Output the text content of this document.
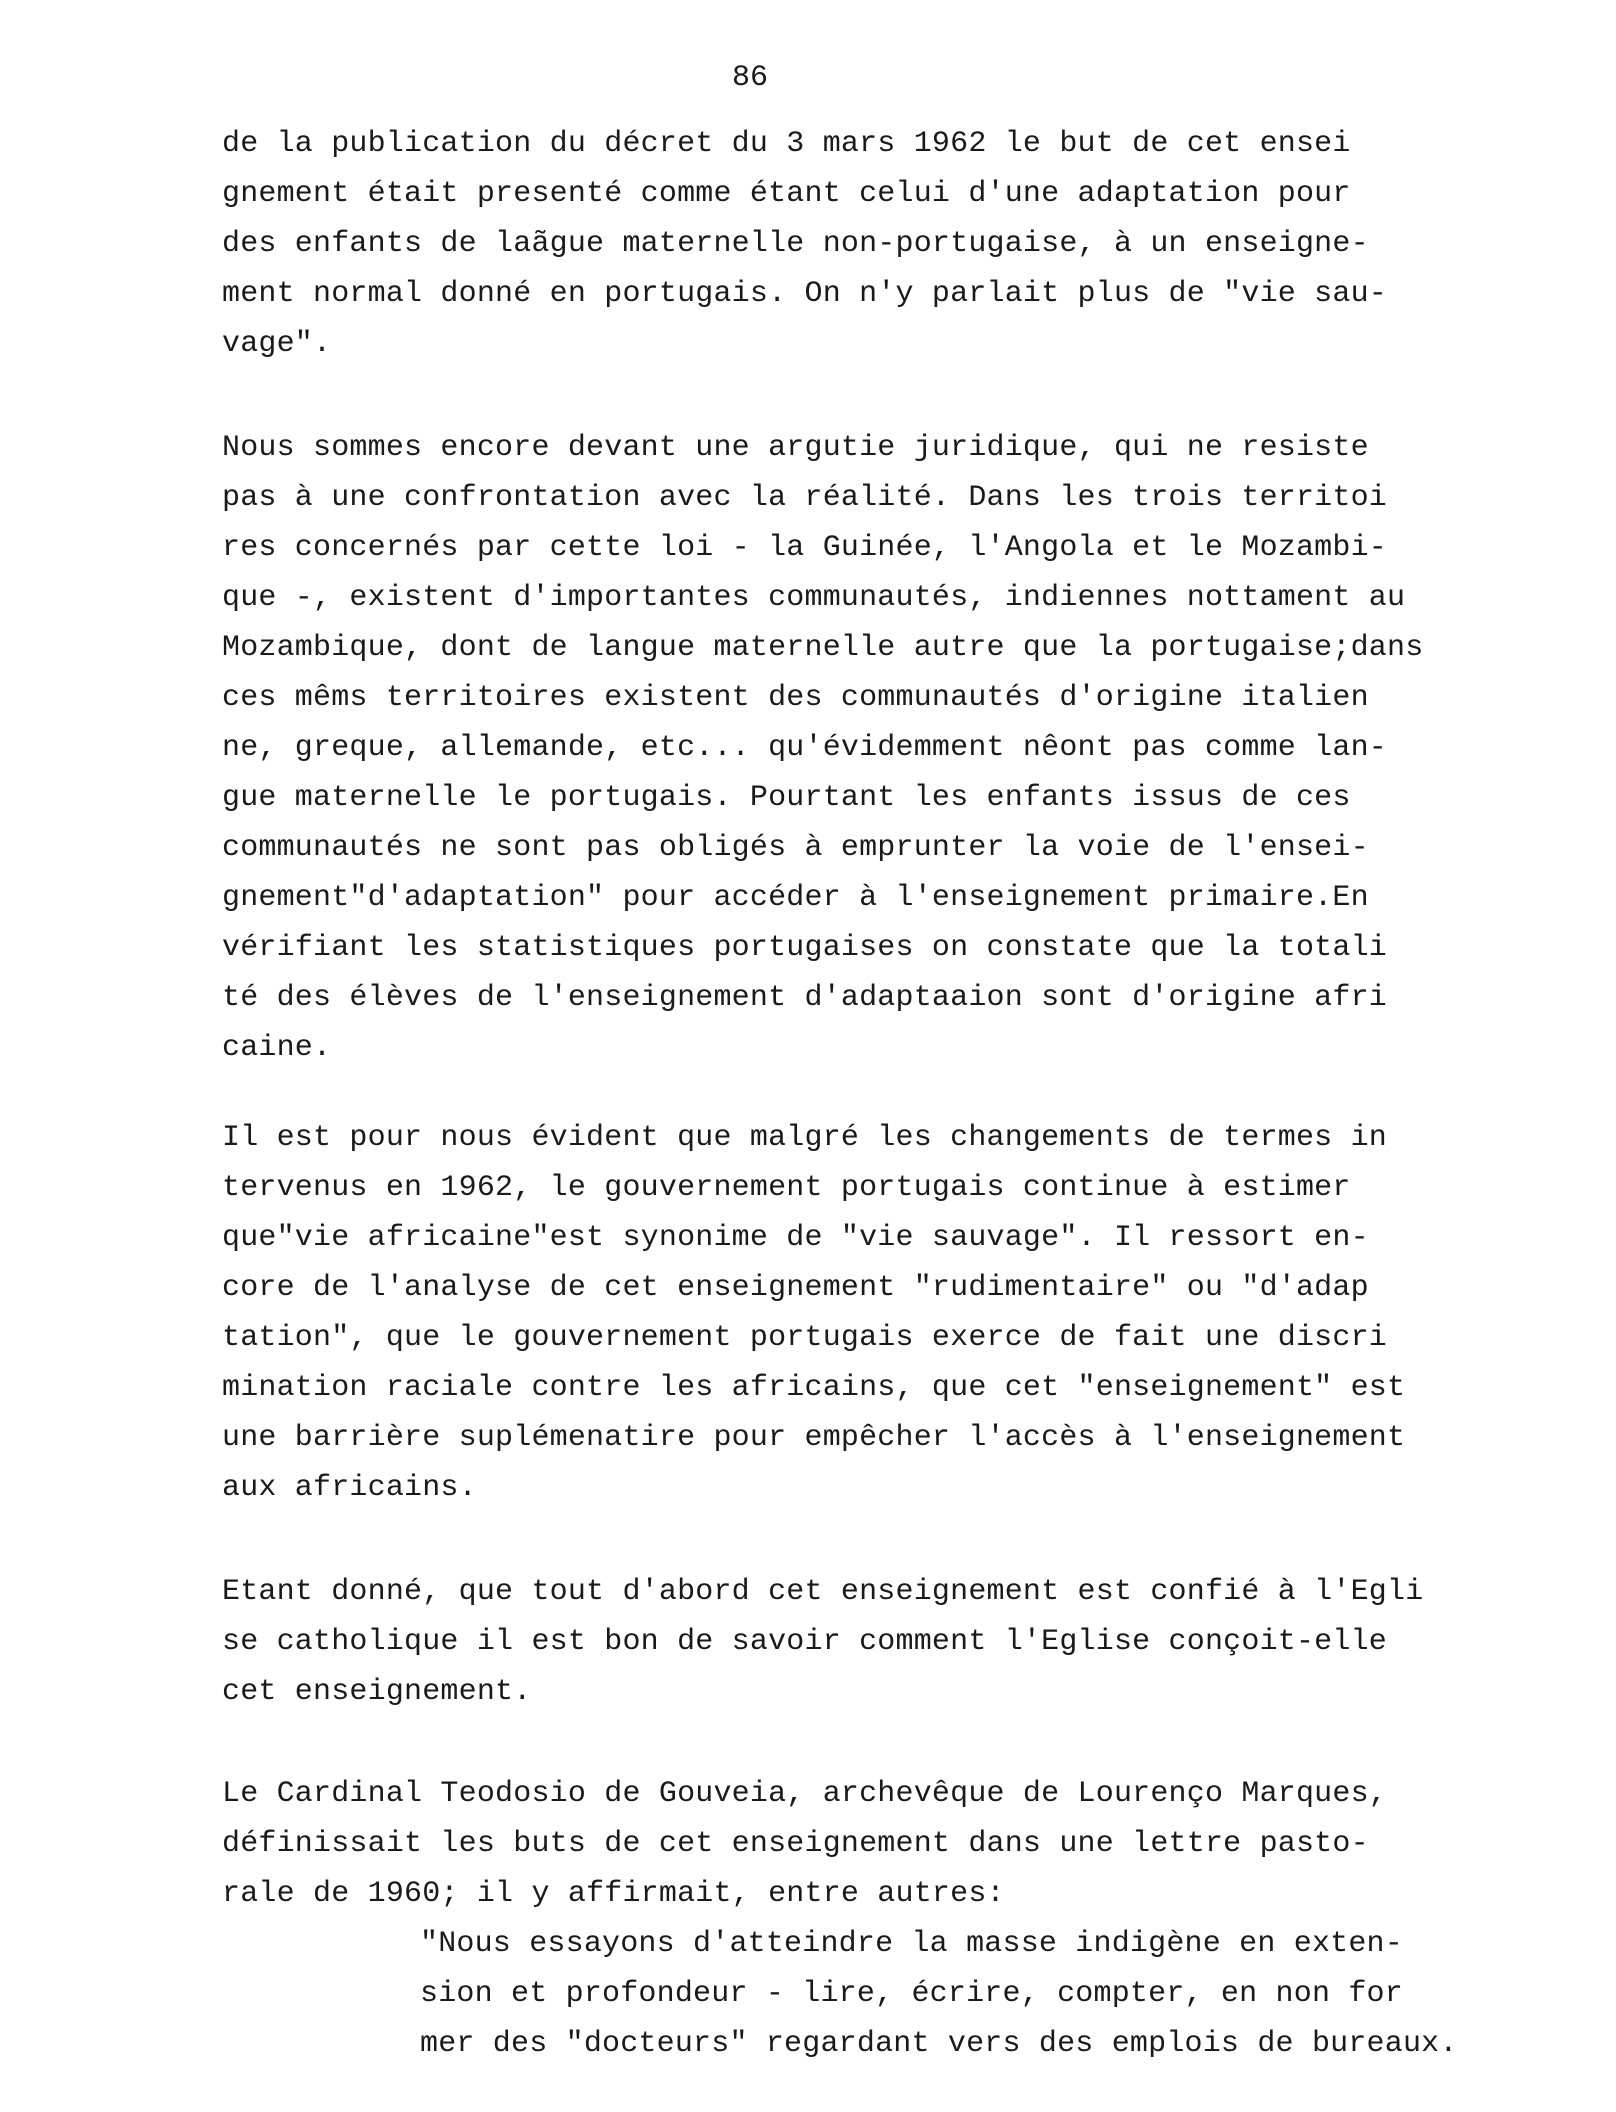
86
de la publication du décret du 3 mars 1962 le but de cet ensei
gnement était presenté comme étant celui d'une adaptation pour
des enfants de laãgue maternelle non-portugaise, à un enseigne-
ment normal donné en portugais. On n'y parlait plus de "vie sau-
vage".
Nous sommes encore devant une argutie juridique, qui ne resiste
pas à une confrontation avec la réalité. Dans les trois territoi
res concernés par cette loi - la Guinée, l'Angola et le Mozambi-
que -, existent d'importantes communautés, indiennes nottament au
Mozambique, dont de langue maternelle autre que la portugaise;dans
ces mêms territoires existent des communautés d'origine italien
ne, greque, allemande, etc... qu'évidemment nêont pas comme lan-
gue maternelle le portugais. Pourtant les enfants issus de ces
communautés ne sont pas obligés à emprunter la voie de l'ensei-
gnement"d'adaptation" pour accéder à l'enseignement primaire.En
vérifiant les statistiques portugaises on constate que la totali
té des élèves de l'enseignement d'adaptaaion sont d'origine afri
caine.
Il est pour nous évident que malgré les changements de termes in
tervenus en 1962, le gouvernement portugais continue à estimer
que"vie africaine"est synonime de "vie sauvage". Il ressort en-
core de l'analyse de cet enseignement "rudimentaire" ou "d'adap
tation", que le gouvernement portugais exerce de fait une discri
mination raciale contre les africains, que cet "enseignement" est
une barrière suplémenatire pour empêcher l'accès à l'enseignement
aux africains.
Etant donné, que tout d'abord cet enseignement est confié à l'Egli
se catholique il est bon de savoir comment l'Eglise conçoit-elle
cet enseignement.
Le Cardinal Teodosio de Gouveia, archevêque de Lourenço Marques,
définissait les buts de cet enseignement dans une lettre pasto-
rale de 1960; il y affirmait, entre autres:
"Nous essayons d'atteindre la masse indigène en exten-
sion et profondeur - lire, écrire, compter, en non for
mer des "docteurs" regardant vers des emplois de bureaux.
